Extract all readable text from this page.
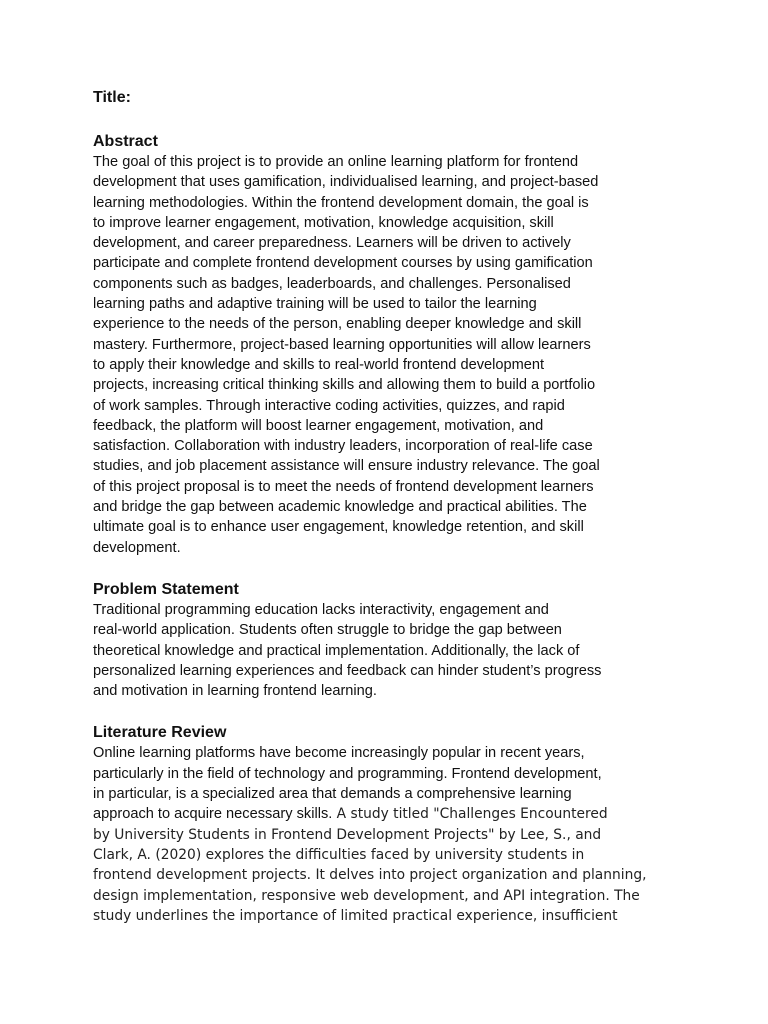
Title:
Abstract
The goal of this project is to provide an online learning platform for frontend
development that uses gamification, individualised learning, and project-based
learning methodologies. Within the frontend development domain, the goal is
to improve learner engagement, motivation, knowledge acquisition, skill
development, and career preparedness. Learners will be driven to actively
participate and complete frontend development courses by using gamification
components such as badges, leaderboards, and challenges. Personalised
learning paths and adaptive training will be used to tailor the learning
experience to the needs of the person, enabling deeper knowledge and skill
mastery. Furthermore, project-based learning opportunities will allow learners
to apply their knowledge and skills to real-world frontend development
projects, increasing critical thinking skills and allowing them to build a portfolio
of work samples. Through interactive coding activities, quizzes, and rapid
feedback, the platform will boost learner engagement, motivation, and
satisfaction. Collaboration with industry leaders, incorporation of real-life case
studies, and job placement assistance will ensure industry relevance. The goal
of this project proposal is to meet the needs of frontend development learners
and bridge the gap between academic knowledge and practical abilities. The
ultimate goal is to enhance user engagement, knowledge retention, and skill
development.
Problem Statement
Traditional programming education lacks interactivity, engagement and
real-world application. Students often struggle to bridge the gap between
theoretical knowledge and practical implementation. Additionally, the lack of
personalized learning experiences and feedback can hinder student’s progress
and motivation in learning frontend learning.
Literature Review
Online learning platforms have become increasingly popular in recent years,
particularly in the field of technology and programming. Frontend development,
in particular, is a specialized area that demands a comprehensive learning
approach to acquire necessary skills. A study titled "Challenges Encountered
by University Students in Frontend Development Projects" by Lee, S., and
Clark, A. (2020) explores the difficulties faced by university students in
frontend development projects. It delves into project organization and planning,
design implementation, responsive web development, and API integration. The
study underlines the importance of limited practical experience, insufficient
